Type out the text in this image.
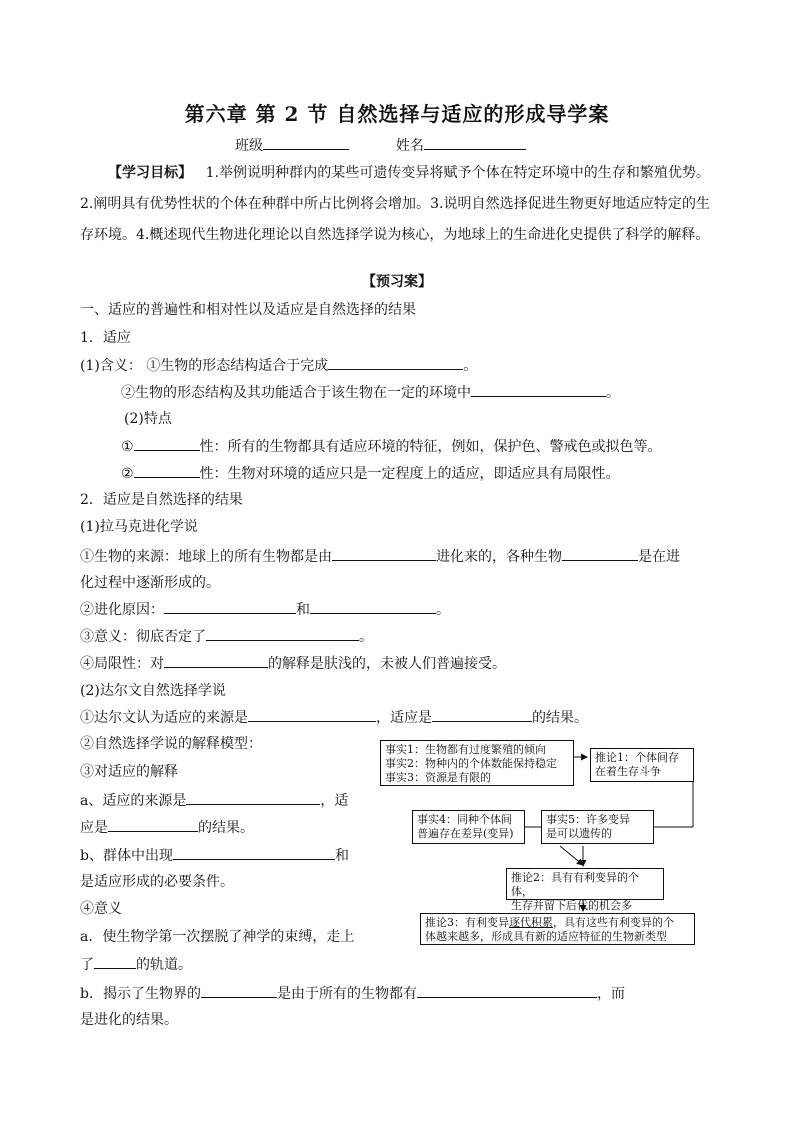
第六章 第 2 节 自然选择与适应的形成导学案
班级	姓名
【学习目标】 1.举例说明种群内的某些可遗传变异将赋予个体在特定环境中的生存和繁殖优势。2.阐明具有优势性状的个体在种群中所占比例将会增加。3.说明自然选择促进生物更好地适应特定的生存环境。4.概述现代生物进化理论以自然选择学说为核心，为地球上的生命进化史提供了科学的解释。
【预习案】
一、适应的普遍性和相对性以及适应是自然选择的结果
1．适应
(1)含义： ①生物的形态结构适合于完成	。
②生物的形态结构及其功能适合于该生物在一定的环境中	。
(2)特点
①	性：所有的生物都具有适应环境的特征，例如，保护色、警戒色或拟色等。
②	性：生物对环境的适应只是一定程度上的适应，即适应具有局限性。
2．适应是自然选择的结果
(1)拉马克进化学说
①生物的来源：地球上的所有生物都是由	进化来的，各种生物	是在进
化过程中逐渐形成的。
②进化原因：	和	。
③意义：彻底否定了	。
④局限性：对	的解释是肤浅的，未被人们普遍接受。
(2)达尔文自然选择学说
①达尔文认为适应的来源是	，适应是	的结果。
②自然选择学说的解释模型：
③对适应的解释
a、适应的来源是	，适
应是	的结果。
b、群体中出现	和
是适应形成的必要条件。
④意义
a．使生物学第一次摆脱了神学的束缚，走上
了	的轨道。
b．揭示了生物界的	是由于所有的生物都有	，而
是进化的结果。
事实1：生物都有过度繁殖的倾向
事实2：物种内的个体数能保持稳定
事实3：资源是有限的
推论1：个体间存
在着生存斗争
事实4：同种个体间
普遍存在差异(变异)
事实5：许多变异
是可以遗传的
推论2：具有有利变异的个体，
生存并留下后代的机会多
推论3：有利变异逐代积累，具有这些有利变异的个
体越来越多，形成具有新的适应特征的生物新类型
